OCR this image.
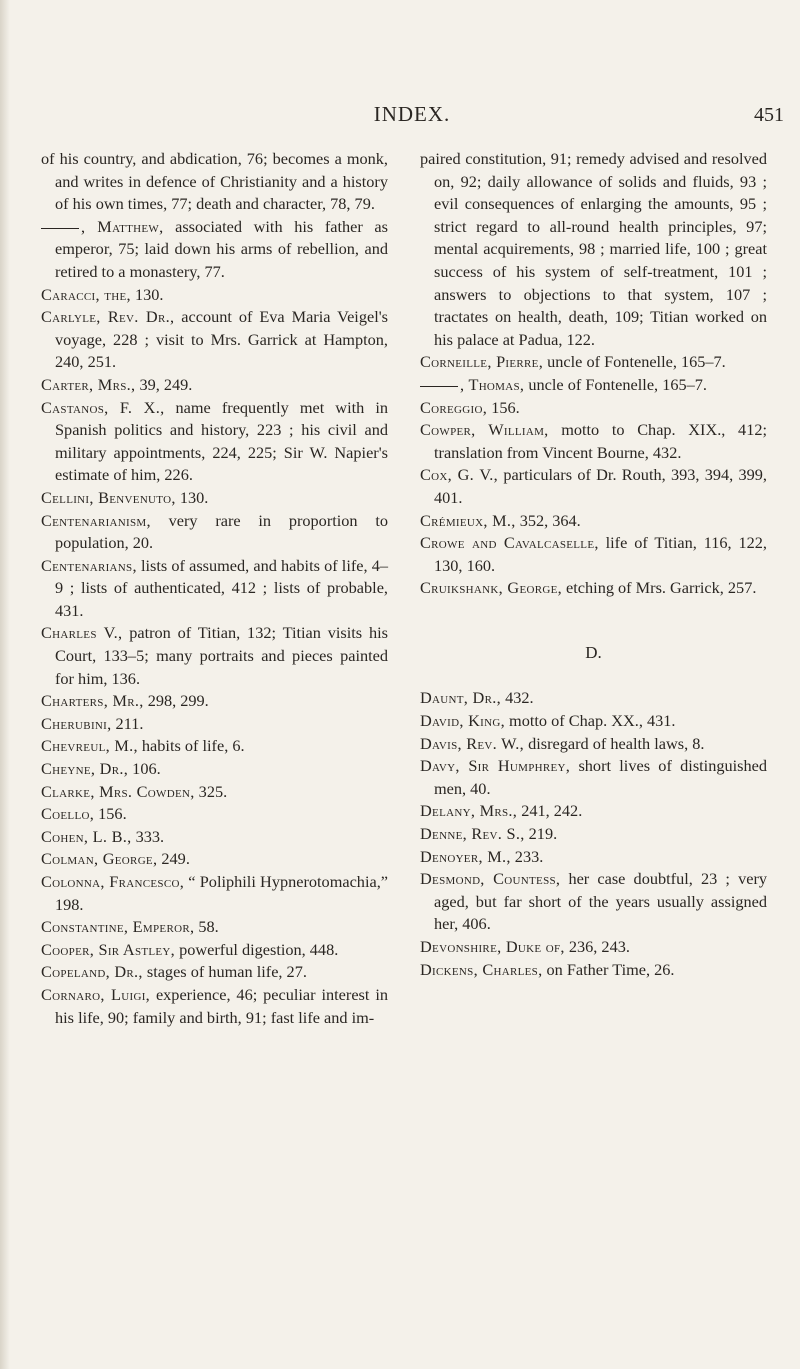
INDEX.	451

of his country, and abdication, 76; becomes a monk, and writes in defence of Christianity and a history of his own times, 77; death and character, 78, 79.

, Matthew, associated with his father as emperor, 75; laid down his arms of rebellion, and retired to a monastery, 77.

Caracci, the, 130.

Carlyle, Rev. Dr., account of Eva Maria Veigel's voyage, 228 ; visit to Mrs. Garrick at Hampton, 240, 251.

Carter, Mrs., 39, 249.

Castanos, F. X., name frequently met with in Spanish politics and history, 223 ; his civil and military appointments, 224, 225; Sir W. Napier's estimate of him, 226.

Cellini, Benvenuto, 130.

Centenarianism, very rare in proportion to population, 20.

Centenarians, lists of assumed, and habits of life, 4–9 ; lists of authenticated, 412 ; lists of probable, 431.

Charles V., patron of Titian, 132; Titian visits his Court, 133–5; many portraits and pieces painted for him, 136.

Charters, Mr., 298, 299.

Cherubini, 211.

Chevreul, M., habits of life, 6.

Cheyne, Dr., 106.

Clarke, Mrs. Cowden, 325.

Coello, 156.

Cohen, L. B., 333.

Colman, George, 249.

Colonna, Francesco, “ Poliphili Hypnerotomachia,” 198.

Constantine, Emperor, 58.

Cooper, Sir Astley, powerful digestion, 448.

Copeland, Dr., stages of human life, 27.

Cornaro, Luigi, experience, 46; peculiar interest in his life, 90; family and birth, 91; fast life and im-

paired constitution, 91; remedy advised and resolved on, 92; daily allowance of solids and fluids, 93 ; evil consequences of enlarging the amounts, 95 ; strict regard to all-round health principles, 97; mental acquirements, 98 ; married life, 100 ; great success of his system of self-treatment, 101 ; answers to objections to that system, 107 ; tractates on health, death, 109; Titian worked on his palace at Padua, 122.

Corneille, Pierre, uncle of Fontenelle, 165–7.

, Thomas, uncle of Fontenelle, 165–7.

Coreggio, 156.

Cowper, William, motto to Chap. XIX., 412; translation from Vincent Bourne, 432.

Cox, G. V., particulars of Dr. Routh, 393, 394, 399, 401.

Crémieux, M., 352, 364.

Crowe and Cavalcaselle, life of Titian, 116, 122, 130, 160.

Cruikshank, George, etching of Mrs. Garrick, 257.

D.

Daunt, Dr., 432.

David, King, motto of Chap. XX., 431.

Davis, Rev. W., disregard of health laws, 8.

Davy, Sir Humphrey, short lives of distinguished men, 40.

Delany, Mrs., 241, 242.

Denne, Rev. S., 219.

Denoyer, M., 233.

Desmond, Countess, her case doubtful, 23 ; very aged, but far short of the years usually assigned her, 406.

Devonshire, Duke of, 236, 243.

Dickens, Charles, on Father Time, 26.
